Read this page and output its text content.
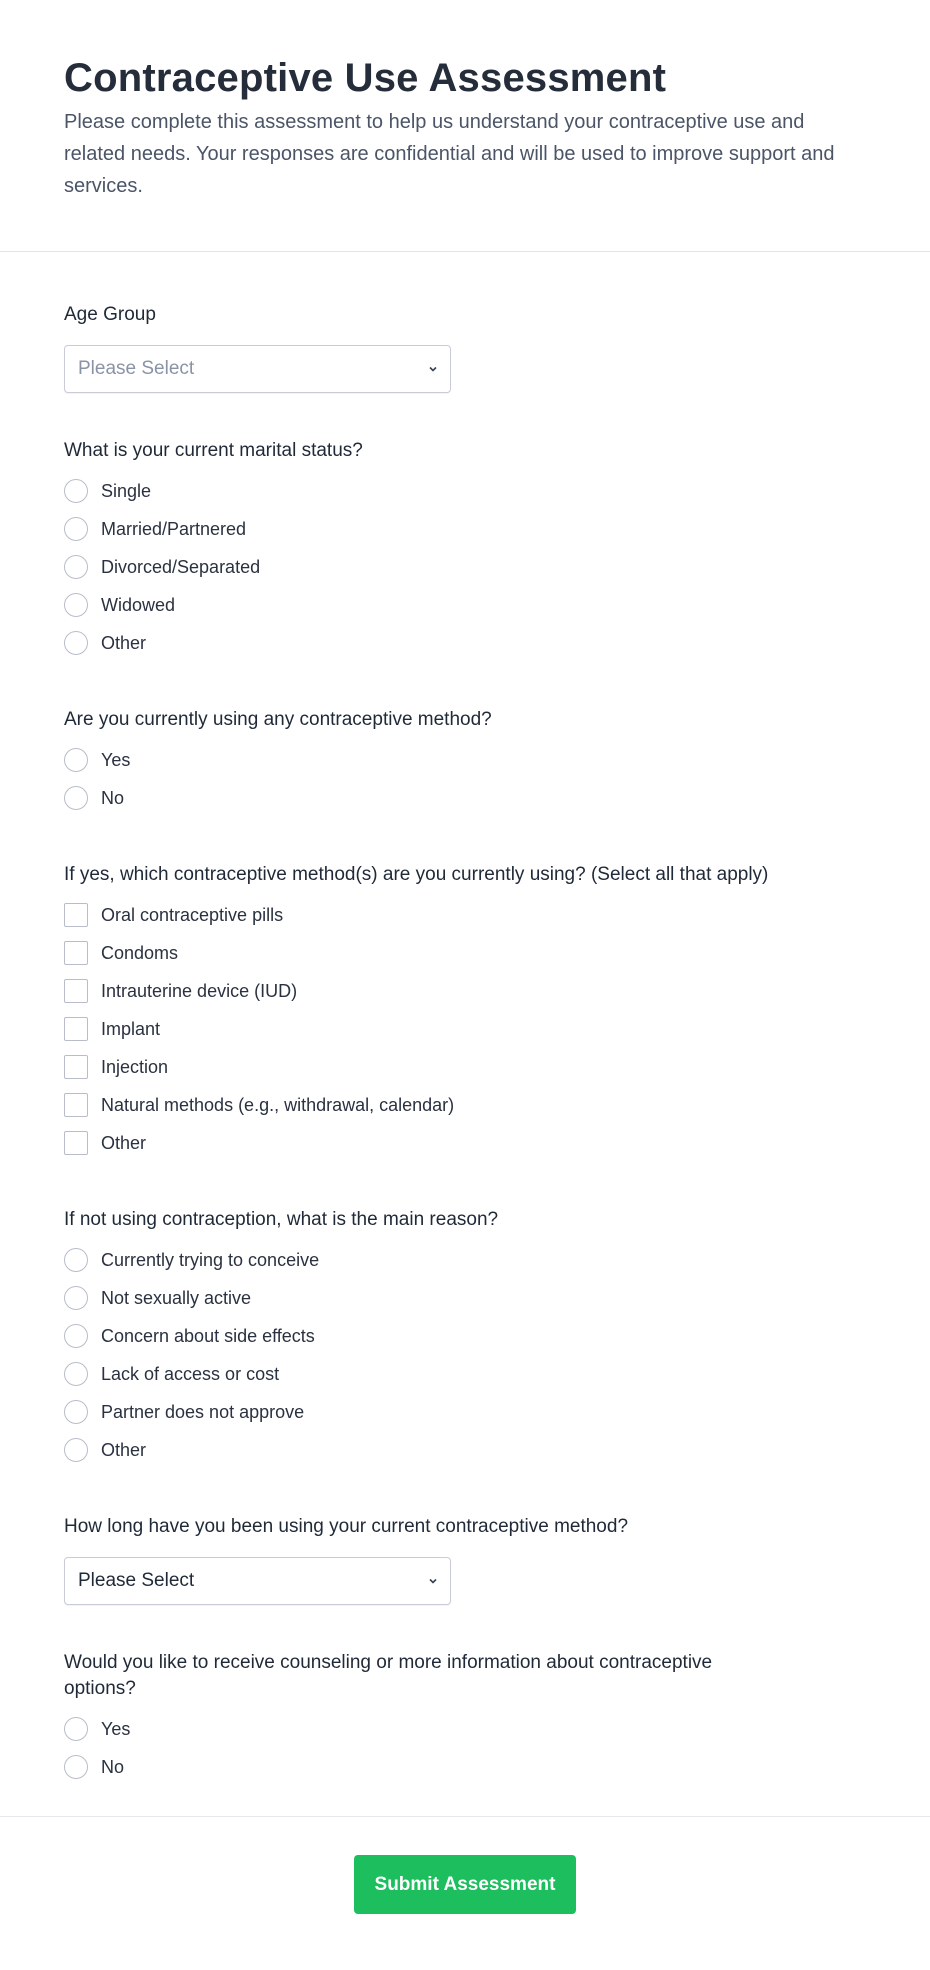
Contraceptive Use Assessment

Please complete this assessment to help us understand your contraceptive use and related needs. Your responses are confidential and will be used to improve support and services.

Age Group
Please Select
What is your current marital status?
Single
Married/Partnered
Divorced/Separated
Widowed
Other
Are you currently using any contraceptive method?
Yes
No
If yes, which contraceptive method(s) are you currently using? (Select all that apply)
Oral contraceptive pills
Condoms
Intrauterine device (IUD)
Implant
Injection
Natural methods (e.g., withdrawal, calendar)
Other
If not using contraception, what is the main reason?
Currently trying to conceive
Not sexually active
Concern about side effects
Lack of access or cost
Partner does not approve
Other
How long have you been using your current contraceptive method?
Please Select
Would you like to receive counseling or more information about contraceptive options?
Yes
No
Submit Assessment
